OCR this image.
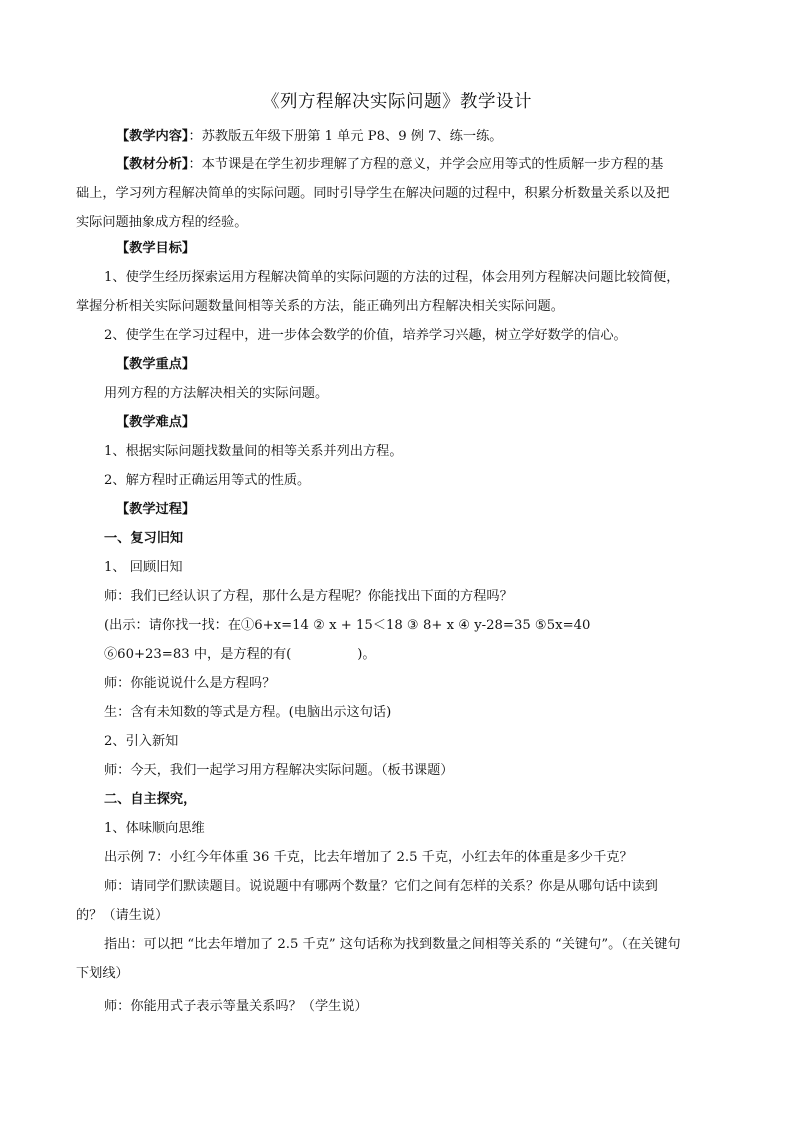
《列方程解决实际问题》教学设计
【教学内容】：苏教版五年级下册第 1 单元 P8、9 例 7、练一练。
【教材分析】：本节课是在学生初步理解了方程的意义，并学会应用等式的性质解一步方程的基
础上，学习列方程解决简单的实际问题。同时引导学生在解决问题的过程中，积累分析数量关系以及把
实际问题抽象成方程的经验。
【教学目标】
1、使学生经历探索运用方程解决简单的实际问题的方法的过程，体会用列方程解决问题比较简便，
掌握分析相关实际问题数量间相等关系的方法，能正确列出方程解决相关实际问题。
2、使学生在学习过程中，进一步体会数学的价值，培养学习兴趣，树立学好数学的信心。
【教学重点】
用列方程的方法解决相关的实际问题。
【教学难点】
1、根据实际问题找数量间的相等关系并列出方程。
2、解方程时正确运用等式的性质。
【教学过程】
一、复习旧知
1、 回顾旧知
师：我们已经认识了方程，那什么是方程呢？你能找出下面的方程吗？
(出示：请你找一找：在①6+x=14 ② x + 15＜18 ③ 8+ x ④ y-28=35 ⑤5x=40
⑥60+23=83 中，是方程的有(	)。
师：你能说说什么是方程吗？
生：含有未知数的等式是方程。(电脑出示这句话)
2、引入新知
师：今天，我们一起学习用方程解决实际问题。（板书课题）
二、自主探究，
1、体味顺向思维
出示例 7：小红今年体重 36 千克，比去年增加了 2.5 千克，小红去年的体重是多少千克？
师：请同学们默读题目。说说题中有哪两个数量？它们之间有怎样的关系？你是从哪句话中读到
的？（请生说）
指出：可以把 “比去年增加了 2.5 千克” 这句话称为找到数量之间相等关系的 “关键句”。（在关键句
下划线）
师：你能用式子表示等量关系吗？（学生说）
